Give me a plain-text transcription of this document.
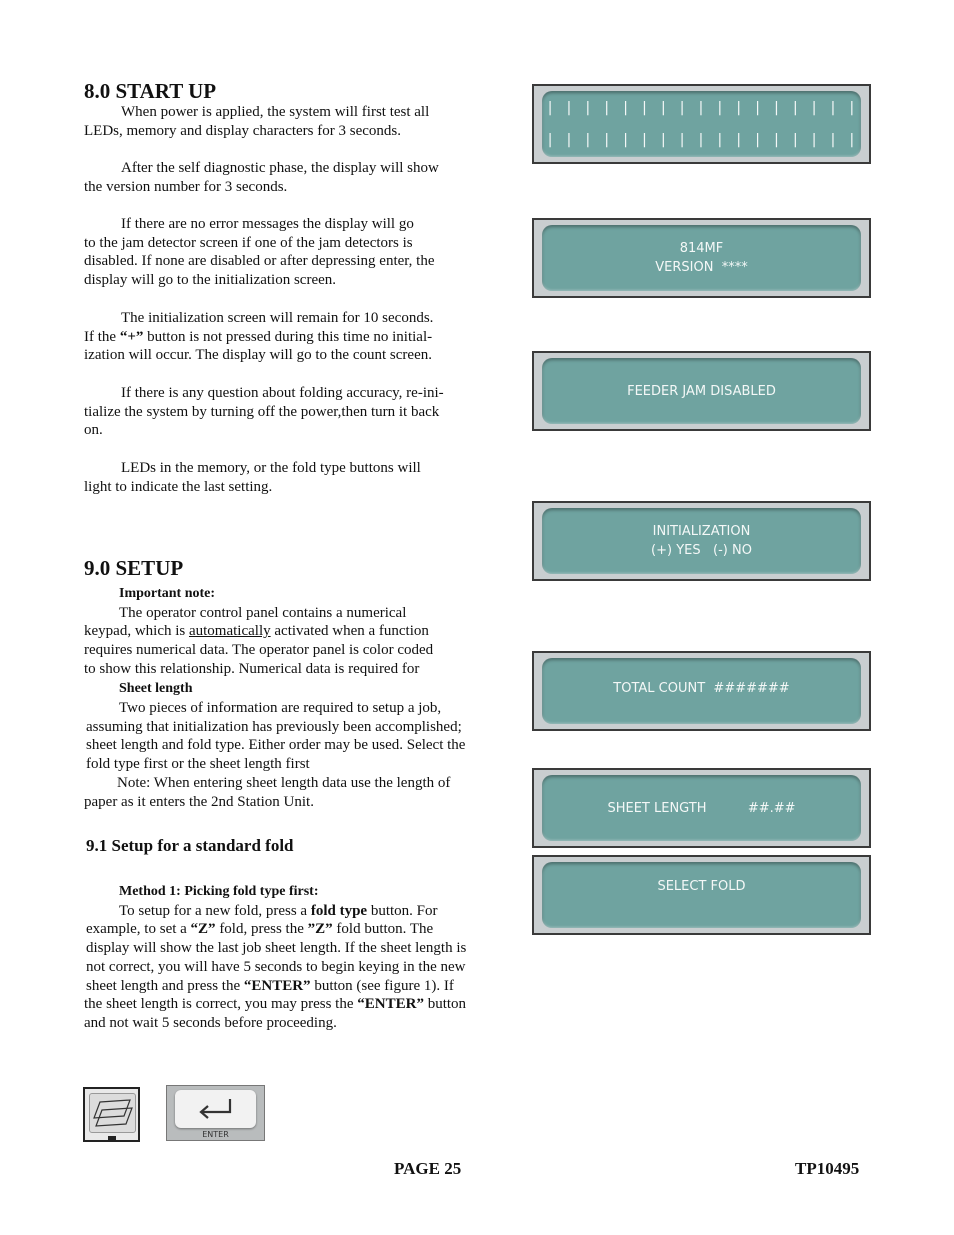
8.0 START UP

When power is applied, the system will first test all
LEDs, memory and display characters for 3 seconds.

After the self diagnostic phase, the display will show
the version number for 3 seconds.

If there are no error messages the display will go
to the jam detector screen if one of the jam detectors is
disabled. If none are disabled or after depressing enter, the
display will go to the initialization screen.

The initialization screen will remain for 10 seconds.
If the “+” button is not pressed during this time no initial-
ization will occur. The display will go to the count screen.

If there is any question about folding accuracy, re-ini-
tialize the system by turning off the power,then turn it back
on.

LEDs in the memory, or the fold type buttons will
light to indicate the last setting.

9.0 SETUP

Important note:

The operator control panel contains a numerical
keypad, which is automatically activated when a function
requires numerical data. The operator panel is color coded
to show this relationship. Numerical data is required for

Sheet length

Two pieces of information are required to setup a job,
assuming that initialization has previously been accomplished;
sheet length and fold type. Either order may be used. Select the
fold type first or the sheet length first
Note: When entering sheet length data use the length of

paper as it enters the 2nd Station Unit.

9.1 Setup for a standard fold

Method 1: Picking fold type first:

To setup for a new fold, press a fold type button. For
example, to set a “Z” fold, press the ”Z” fold button. The
display will show the last job sheet length. If the sheet length is
not correct, you will have 5 seconds to begin keying in the new
sheet length and press the “ENTER” button (see figure 1). If

the sheet length is correct, you may press the “ENTER” button
and not wait 5 seconds before proceeding.

| | | | | | | | | | | | | | | | |
| | | | | | | | | | | | | | | | |
814MF
VERSION  ****
FEEDER JAM DISABLED
INITIALIZATION
(+) YES   (-) NO
TOTAL COUNT  #######
SHEET LENGTH          ##.##
SELECT FOLD
ENTER
PAGE 25	TP10495
